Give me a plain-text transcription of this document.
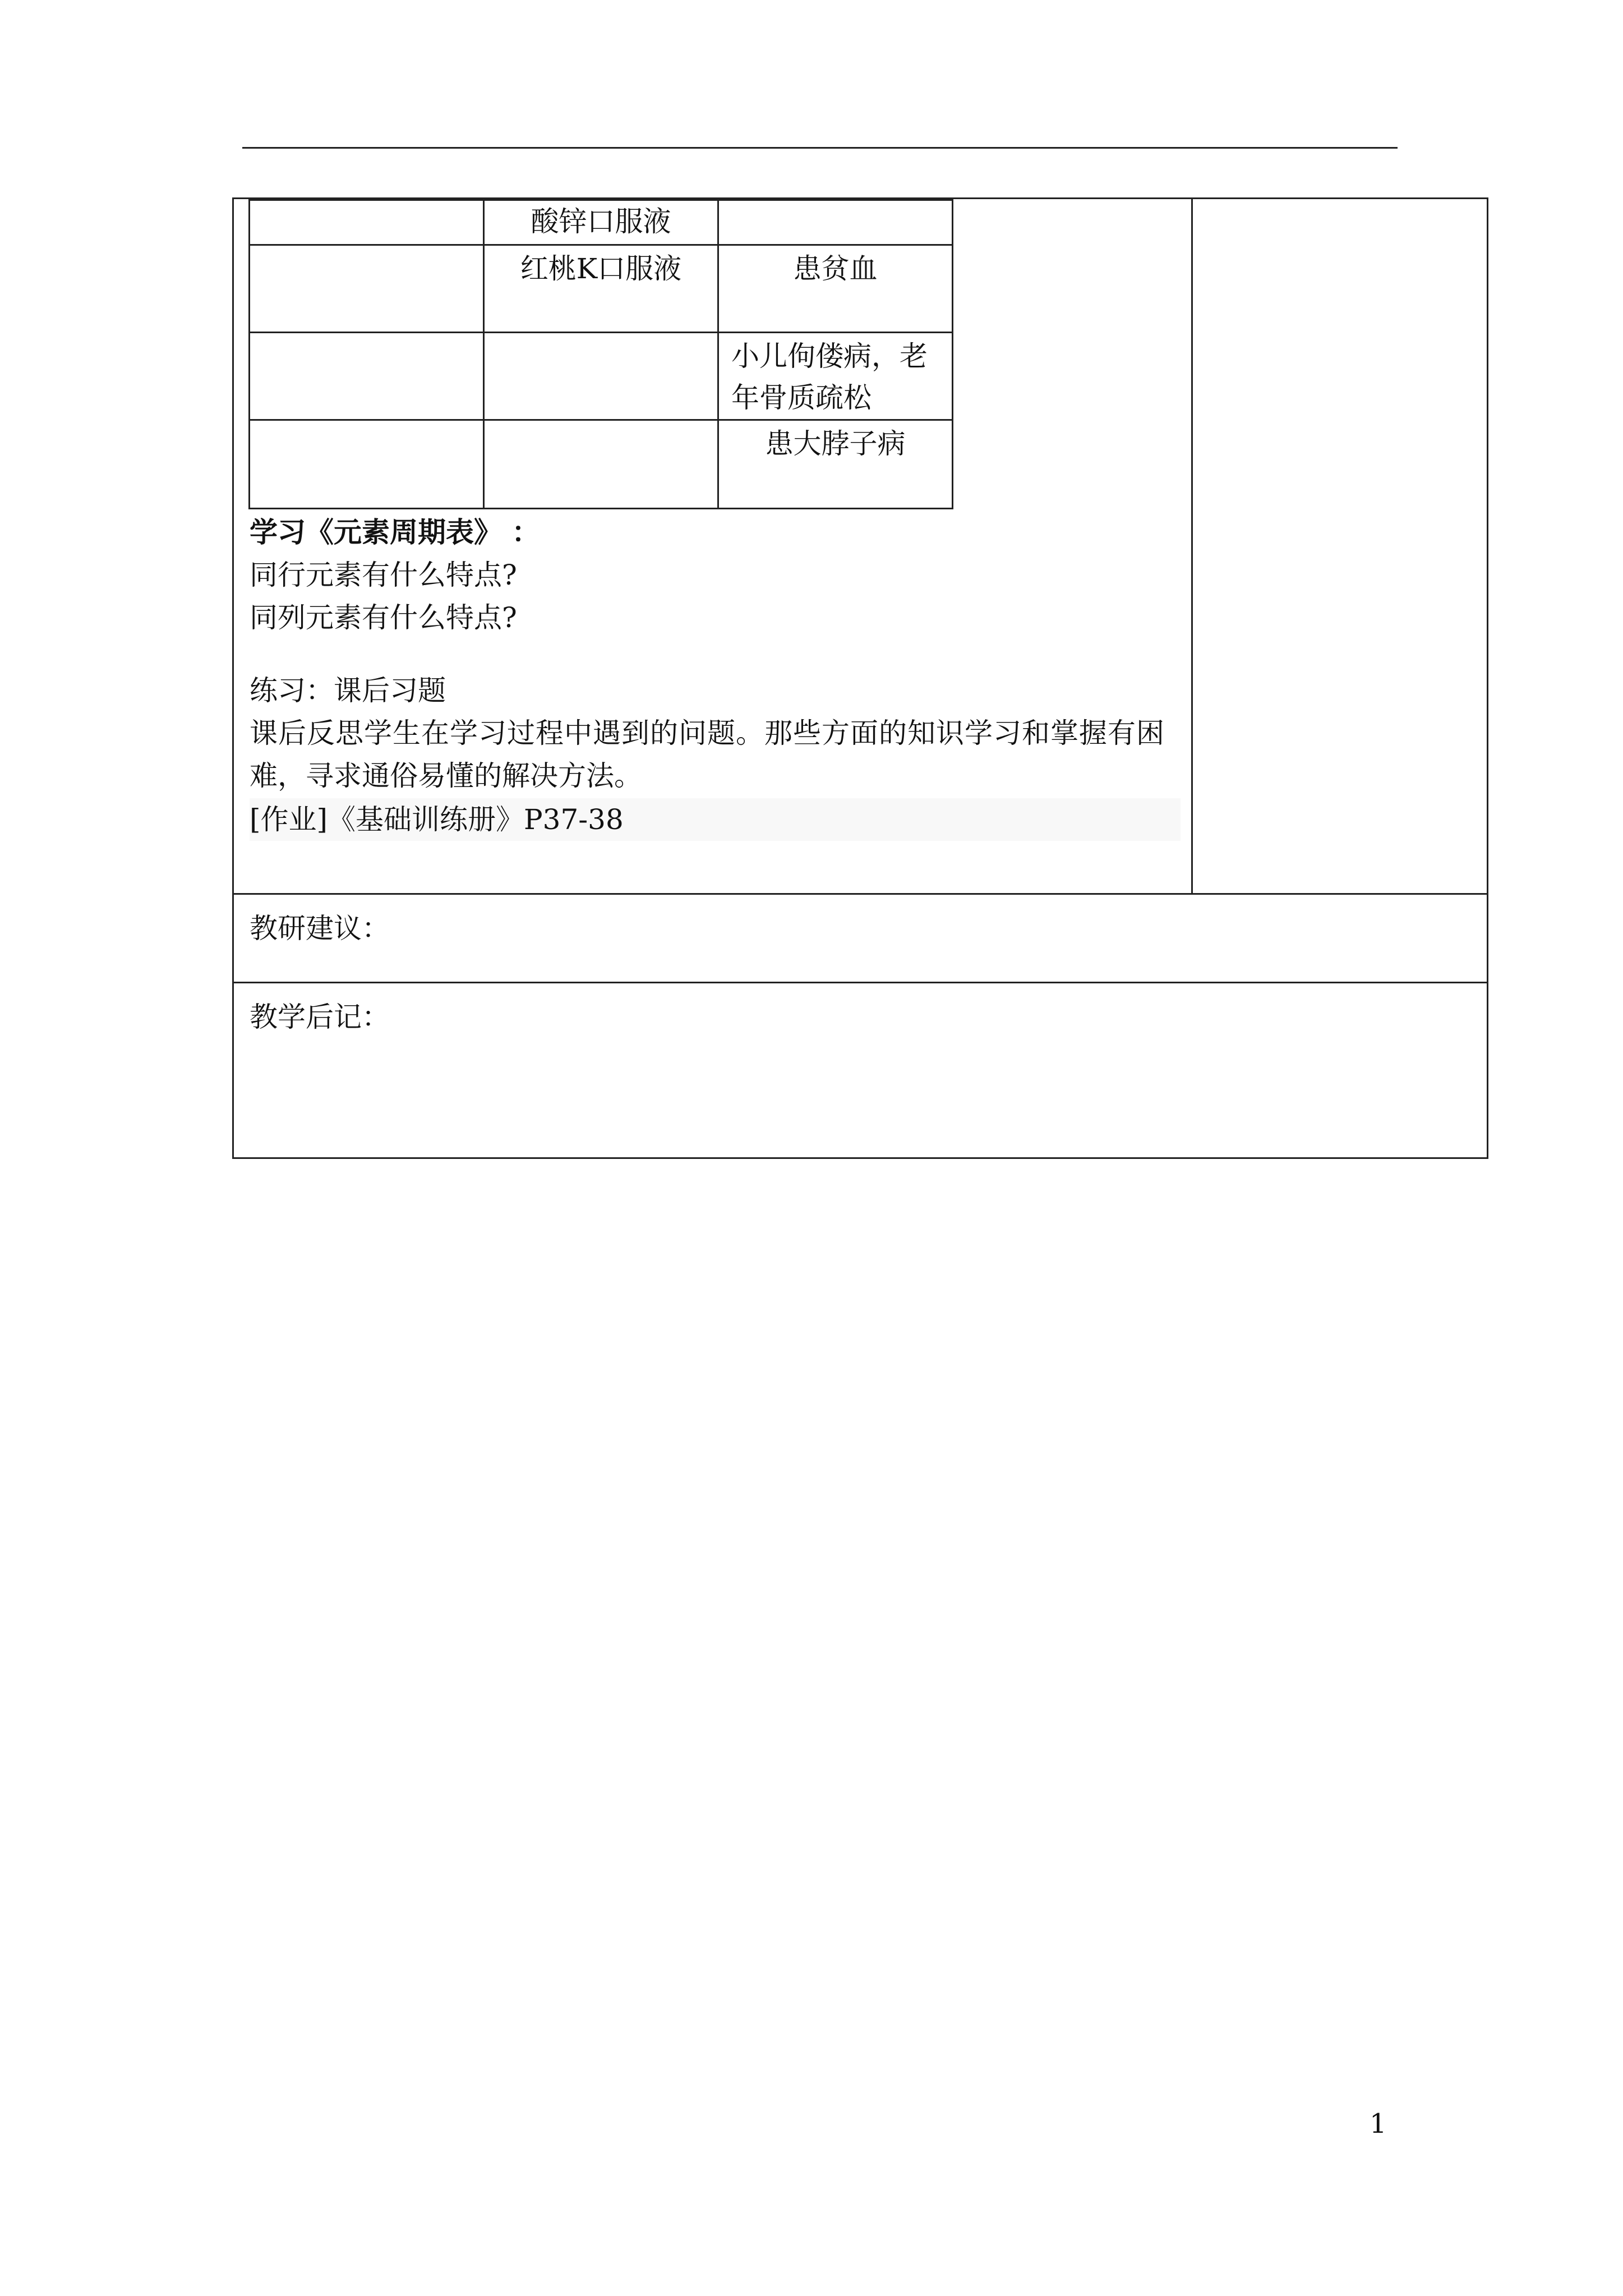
	酸锌口服液	
	红桃K口服液	患贫血
		小儿佝偻病，老年骨质疏松
		患大脖子病
学习《元素周期表》 ：
同行元素有什么特点?
同列元素有什么特点?
练习：课后习题
课后反思学生在学习过程中遇到的问题。那些方面的知识学习和掌握有困
难，寻求通俗易懂的解决方法。
[作业]《基础训练册》P37-38
教研建议：
教学后记：
1
